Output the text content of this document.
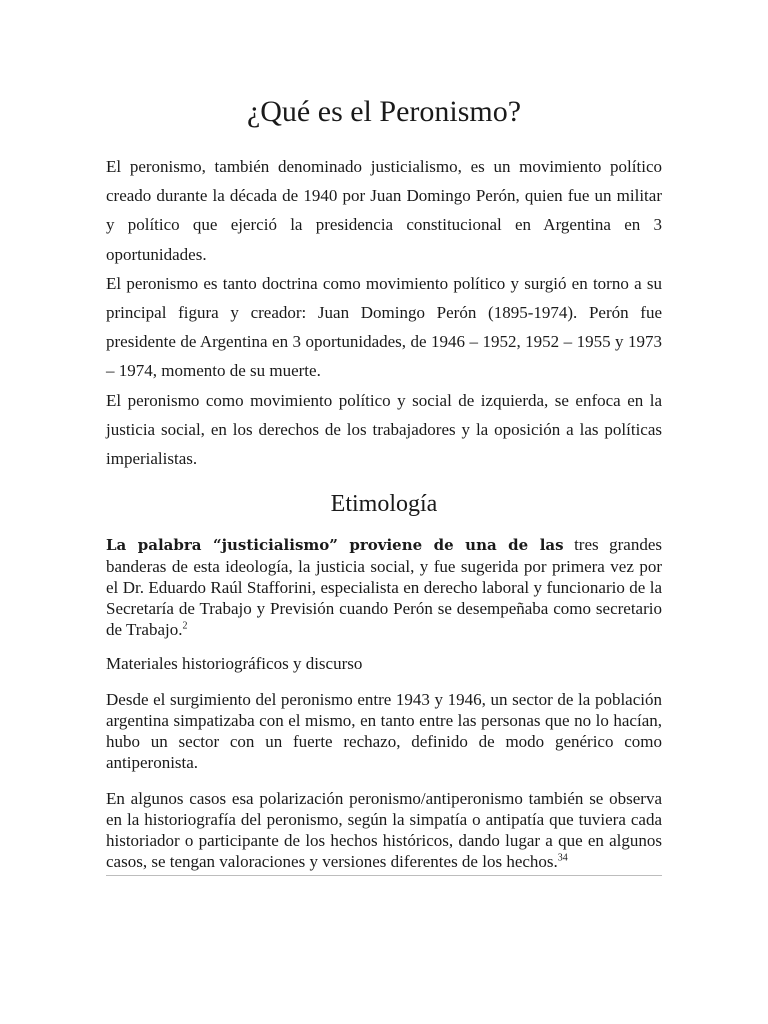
¿Qué es el Peronismo?

El peronismo, también denominado justicialismo, es un movimiento político creado durante la década de 1940 por Juan Domingo Perón, quien fue un militar y político que ejerció la presidencia constitucional en Argentina en 3 oportunidades.

El peronismo es tanto doctrina como movimiento político y surgió en torno a su principal figura y creador: Juan Domingo Perón (1895-1974). Perón fue presidente de Argentina en 3 oportunidades, de 1946 – 1952, 1952 – 1955 y 1973 – 1974, momento de su muerte.

El peronismo como movimiento político y social de izquierda, se enfoca en la justicia social, en los derechos de los trabajadores y la oposición a las políticas imperialistas.

Etimología

La palabra “justicialismo” proviene de una de las tres grandes banderas de esta ideología, la justicia social, y fue sugerida por primera vez por el Dr. Eduardo Raúl Stafforini, especialista en derecho laboral y funcionario de la Secretaría de Trabajo y Previsión cuando Perón se desempeñaba como secretario de Trabajo.$^2$

Materiales historiográficos y discurso

Desde el surgimiento del peronismo entre 1943 y 1946, un sector de la población argentina simpatizaba con el mismo, en tanto entre las personas que no lo hacían, hubo un sector con un fuerte rechazo, definido de modo genérico como antiperonista.

En algunos casos esa polarización peronismo/antiperonismo también se observa en la historiografía del peronismo, según la simpatía o antipatía que tuviera cada historiador o participante de los hechos históricos, dando lugar a que en algunos casos, se tengan valoraciones y versiones diferentes de los hechos.$^{34}$
